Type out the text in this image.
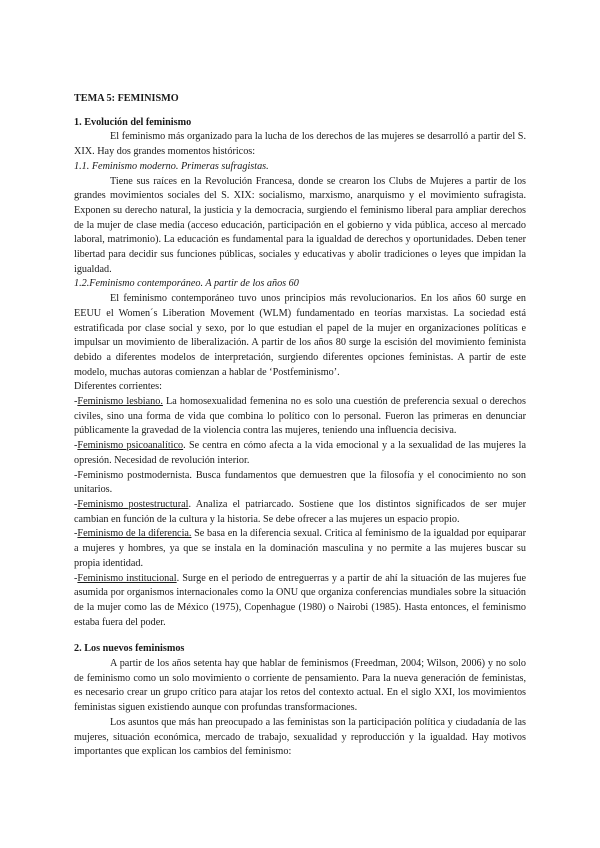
TEMA 5: FEMINISMO

1. Evolución del feminismo

El feminismo más organizado para la lucha de los derechos de las mujeres se desarrolló a partir del S. XIX. Hay dos grandes momentos históricos:

1.1. Feminismo moderno. Primeras sufragistas.

Tiene sus raíces en la Revolución Francesa, donde se crearon los Clubs de Mujeres a partir de los grandes movimientos sociales del S. XIX: socialismo, marxismo, anarquismo y el movimiento sufragista. Exponen su derecho natural, la justicia y la democracia, surgiendo el feminismo liberal para ampliar derechos de la mujer de clase media (acceso educación, participación en el gobierno y vida pública, acceso al mercado laboral, matrimonio). La educación es fundamental para la igualdad de derechos y oportunidades. Deben tener libertad para decidir sus funciones públicas, sociales y educativas y abolir tradiciones o leyes que impidan la igualdad.

1.2.Feminismo contemporáneo. A partir de los años 60

El feminismo contemporáneo tuvo unos principios más revolucionarios. En los años 60 surge en EEUU el Women´s Liberation Movement (WLM) fundamentado en teorías marxistas. La sociedad está estratificada por clase social y sexo, por lo que estudian el papel de la mujer en organizaciones políticas e impulsar un movimiento de liberalización. A partir de los años 80 surge la escisión del movimiento feminista debido a diferentes modelos de interpretación, surgiendo diferentes opciones feministas. A partir de este modelo, muchas autoras comienzan a hablar de ‘Postfeminismo’.

Diferentes corrientes:

-Feminismo lesbiano. La homosexualidad femenina no es solo una cuestión de preferencia sexual o derechos civiles, sino una forma de vida que combina lo político con lo personal. Fueron las primeras en denunciar públicamente la gravedad de la violencia contra las mujeres, teniendo una influencia decisiva.

-Feminismo psicoanalítico. Se centra en cómo afecta a la vida emocional y a la sexualidad de las mujeres la opresión. Necesidad de revolución interior.

-Feminismo postmodernista. Busca fundamentos que demuestren que la filosofía y el conocimiento no son unitarios.

-Feminismo postestructural. Analiza el patriarcado. Sostiene que los distintos significados de ser mujer cambian en función de la cultura y la historia. Se debe ofrecer a las mujeres un espacio propio.

-Feminismo de la diferencia. Se basa en la diferencia sexual. Critica al feminismo de la igualdad por equiparar a mujeres y hombres, ya que se instala en la dominación masculina y no permite a las mujeres buscar su propia identidad.

-Feminismo institucional. Surge en el periodo de entreguerras y a partir de ahí la situación de las mujeres fue asumida por organismos internacionales como la ONU que organiza conferencias mundiales sobre la situación de la mujer como las de México (1975), Copenhague (1980) o Nairobi (1985). Hasta entonces, el feminismo estaba fuera del poder.

2. Los nuevos feminismos

A partir de los años setenta hay que hablar de feminismos (Freedman, 2004; Wilson, 2006) y no solo de feminismo como un solo movimiento o corriente de pensamiento. Para la nueva generación de feministas, es necesario crear un grupo crítico para atajar los retos del contexto actual. En el siglo XXI, los movimientos feministas siguen existiendo aunque con profundas transformaciones.

Los asuntos que más han preocupado a las feministas son la participación política y ciudadanía de las mujeres, situación económica, mercado de trabajo, sexualidad y reproducción y la igualdad. Hay motivos importantes que explican los cambios del feminismo:
